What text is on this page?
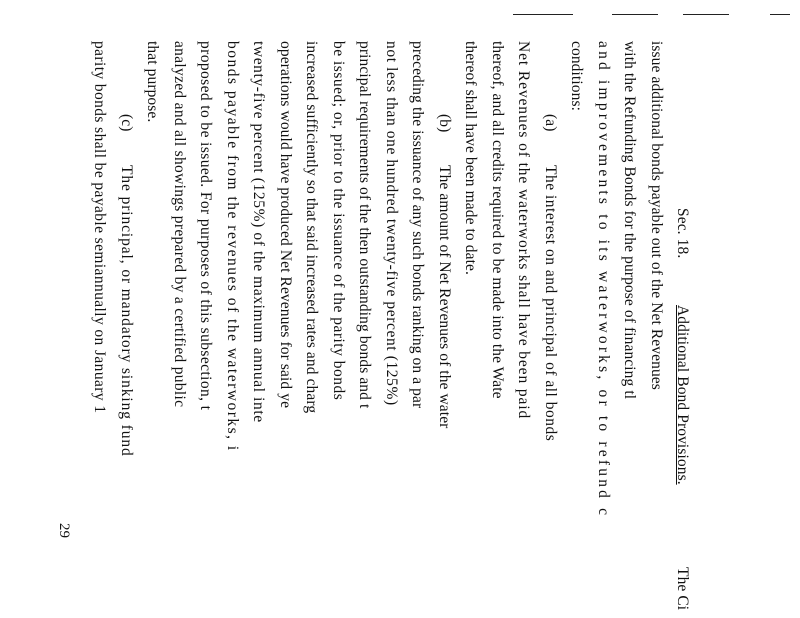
Sec. 18.
Additional Bond Provisions.
The Ci
issue additional bonds payable out of the Net Revenues
with the Refunding Bonds for the purpose of financing tl
and improvements to its waterworks, or to refund c
conditions:
(a)
The interest on and principal of all bonds
Net Revenues of the waterworks shall have been paid
thereof, and all credits required to be made into the Wate
thereof shall have been made to date.
(b)
The amount of Net Revenues of the water
preceding the issuance of any such bonds ranking on a par
not less than one hundred twenty-five percent (125%)
principal requirements of the then outstanding bonds and t
be issued; or, prior to the issuance of the parity bonds
increased sufficiently so that said increased rates and charg
operations would have produced Net Revenues for said ye
twenty-five percent (125%) of the maximum annual inte
bonds payable from the revenues of the waterworks, i
proposed to be issued. For purposes of this subsection, t
analyzed and all showings prepared by a certified public
that purpose.
(c)
The principal, or mandatory sinking fund
parity bonds shall be payable semiannually on January 1
29
